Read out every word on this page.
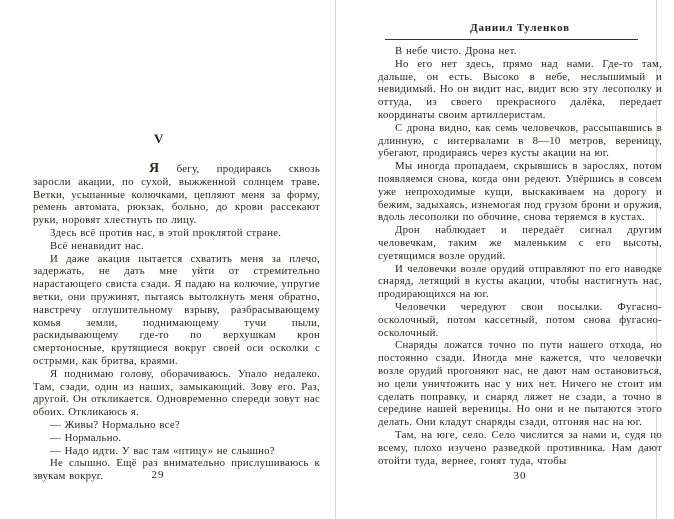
V

Я бегу, продираясь сквозь заросли акации, по сухой, выжженной солнцем траве. Ветки, усыпанные колючками, цепляют меня за форму, ремень автомата, рюкзак, больно, до крови рассекают руки, норовят хлестнуть по лицу.

Здесь всё против нас, в этой проклятой стране.

Всё ненавидит нас.

И даже акация пытается схватить меня за плечо, задержать, не дать мне уйти от стремительно нарастающего свиста сзади. Я падаю на колючие, упругие ветки, они пружинят, пытаясь вытолкнуть меня обратно, навстречу оглушительному взрыву, разбрасывающему комья земли, поднимающему тучи пыли, раскидывающему где-то по верхушкам крон смертоносные, крутящиеся вокруг своей оси осколки с острыми, как бритва, краями.

Я поднимаю голову, оборачиваюсь. Упало недалеко. Там, сзади, один из наших, замыкающий. Зову его. Раз, другой. Он откликается. Одновременно спереди зовут нас обоих. Откликаюсь я.

— Живы? Нормально все?

— Нормально.

— Надо идти. У вас там «птицу» не слышно?

Не слышно. Ещё раз внимательно прислушиваюсь к звукам вокруг.	29
Даниил Туленков

В небе чисто. Дрона нет.

Но его нет здесь, прямо над нами. Где-то там, дальше, он есть. Высоко в небе, неслышимый и невидимый. Но он видит нас, видит всю эту лесополку и оттуда, из своего прекрасного далёка, передает координаты своим артиллеристам.

С дрона видно, как семь человечков, рассыпавшись в длинную, с интервалами в 8—10 метров, вереницу, убегают, продираясь через кусты акации на юг.

Мы иногда пропадаем, скрывшись в зарослях, потом появляемся снова, когда они редеют. Упёршись в совсем уже непроходимые кущи, выскакиваем на дорогу и бежим, задыхаясь, изнемогая под грузом брони и оружия, вдоль лесополки по обочине, снова теряемся в кустах.

Дрон наблюдает и передаёт сигнал другим человечкам, таким же маленьким с его высоты, суетящимся возле орудий.

И человечки возле орудий отправляют по его наводке снаряд, летящий в кусты акации, чтобы настигнуть нас, продирающихся на юг.

Человечки чередуют свои посылки. Фугасно-осколочный, потом кассетный, потом снова фугасно-осколочный.

Снаряды ложатся точно по пути нашего отхода, но постоянно сзади. Иногда мне кажется, что человечки возле орудий прогоняют нас, не дают нам остановиться, но цели уничтожить нас у них нет. Ничего не стоит им сделать поправку, и снаряд ляжет не сзади, а точно в середине нашей вереницы. Но они и не пытаются этого делать. Они кладут снаряды сзади, отгоняя нас на юг.

Там, на юге, село. Село числится за нами и, судя по всему, плохо изучено разведкой противника. Нам дают отойти туда, вернее, гонят туда, чтобы

30
